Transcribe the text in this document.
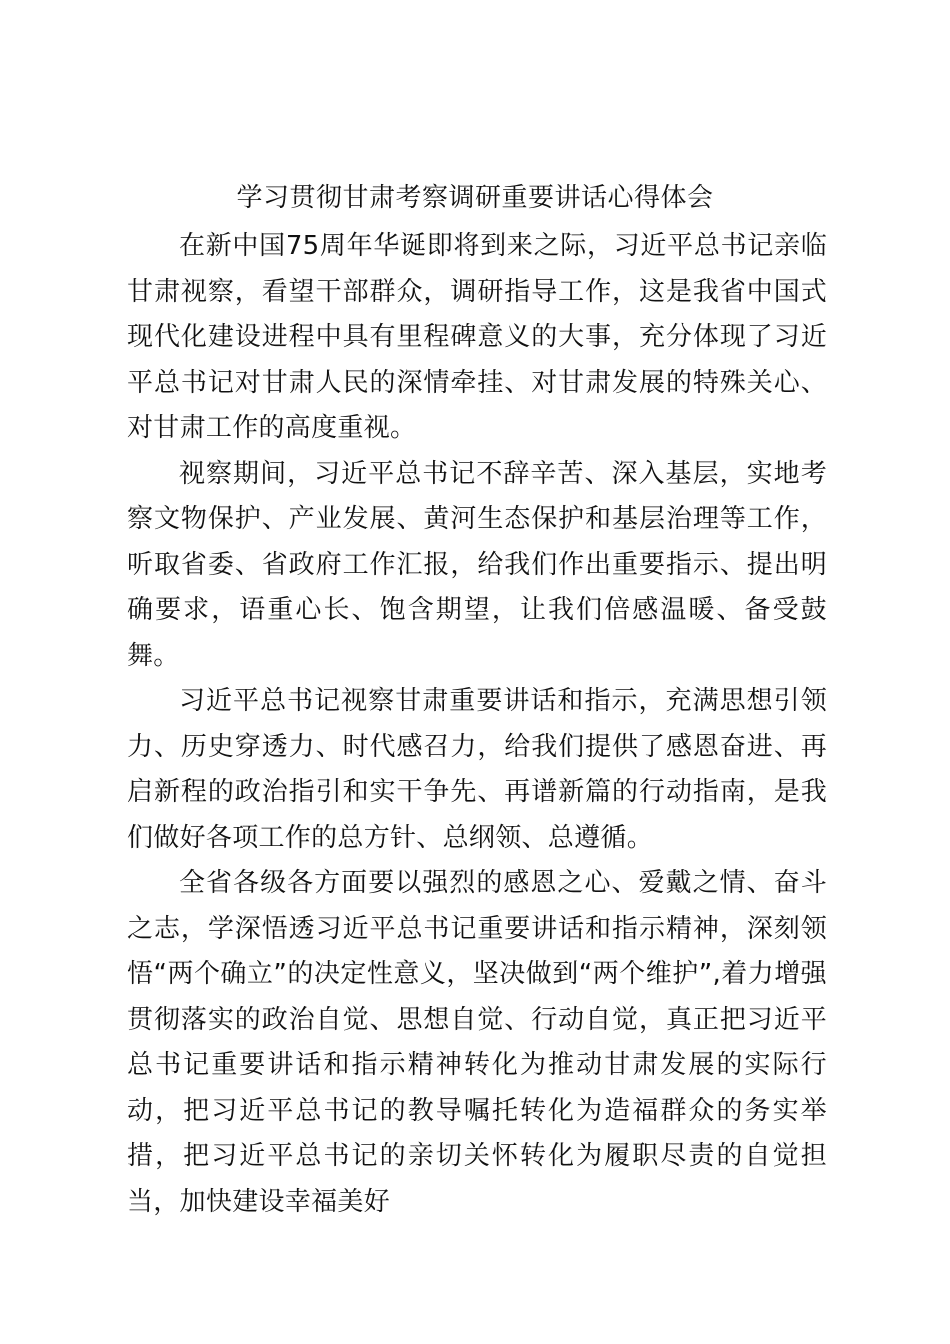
学习贯彻甘肃考察调研重要讲话心得体会

在新中国75周年华诞即将到来之际，习近平总书记亲临甘肃视察，看望干部群众，调研指导工作，这是我省中国式现代化建设进程中具有里程碑意义的大事，充分体现了习近平总书记对甘肃人民的深情牵挂、对甘肃发展的特殊关心、对甘肃工作的高度重视。

视察期间，习近平总书记不辞辛苦、深入基层，实地考察文物保护、产业发展、黄河生态保护和基层治理等工作，听取省委、省政府工作汇报，给我们作出重要指示、提出明确要求，语重心长、饱含期望，让我们倍感温暖、备受鼓舞。

习近平总书记视察甘肃重要讲话和指示，充满思想引领力、历史穿透力、时代感召力，给我们提供了感恩奋进、再启新程的政治指引和实干争先、再谱新篇的行动指南，是我们做好各项工作的总方针、总纲领、总遵循。

全省各级各方面要以强烈的感恩之心、爱戴之情、奋斗之志，学深悟透习近平总书记重要讲话和指示精神，深刻领悟“两个确立”的决定性意义，坚决做到“两个维护”,着力增强贯彻落实的政治自觉、思想自觉、行动自觉，真正把习近平总书记重要讲话和指示精神转化为推动甘肃发展的实际行动，把习近平总书记的教导嘱托转化为造福群众的务实举措，把习近平总书记的亲切关怀转化为履职尽责的自觉担当，加快建设幸福美好
